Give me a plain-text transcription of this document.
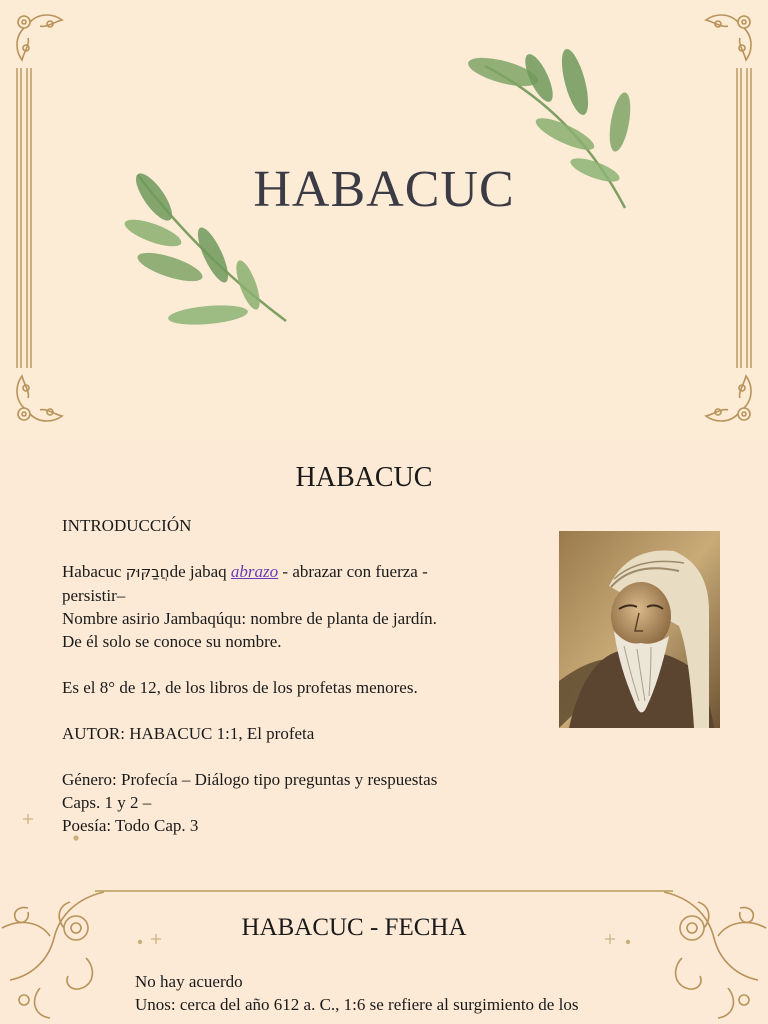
HABACUC
HABACUC

INTRODUCCIÓN

Habacuc חֲבַקּוּקde jabaq abrazo - abrazar con fuerza -

persistir–

Nombre asirio Jambaqúqu: nombre de planta de jardín.

De él solo se conoce su nombre.

Es el 8° de 12, de los libros de los profetas menores.

AUTOR: HABACUC 1:1, El profeta

Género: Profecía – Diálogo tipo preguntas y respuestas

Caps. 1 y 2 –

Poesía: Todo Cap. 3

HABACUC - FECHA

No hay acuerdo

Unos: cerca del año 612 a. C., 1:6 se refiere al surgimiento de los
